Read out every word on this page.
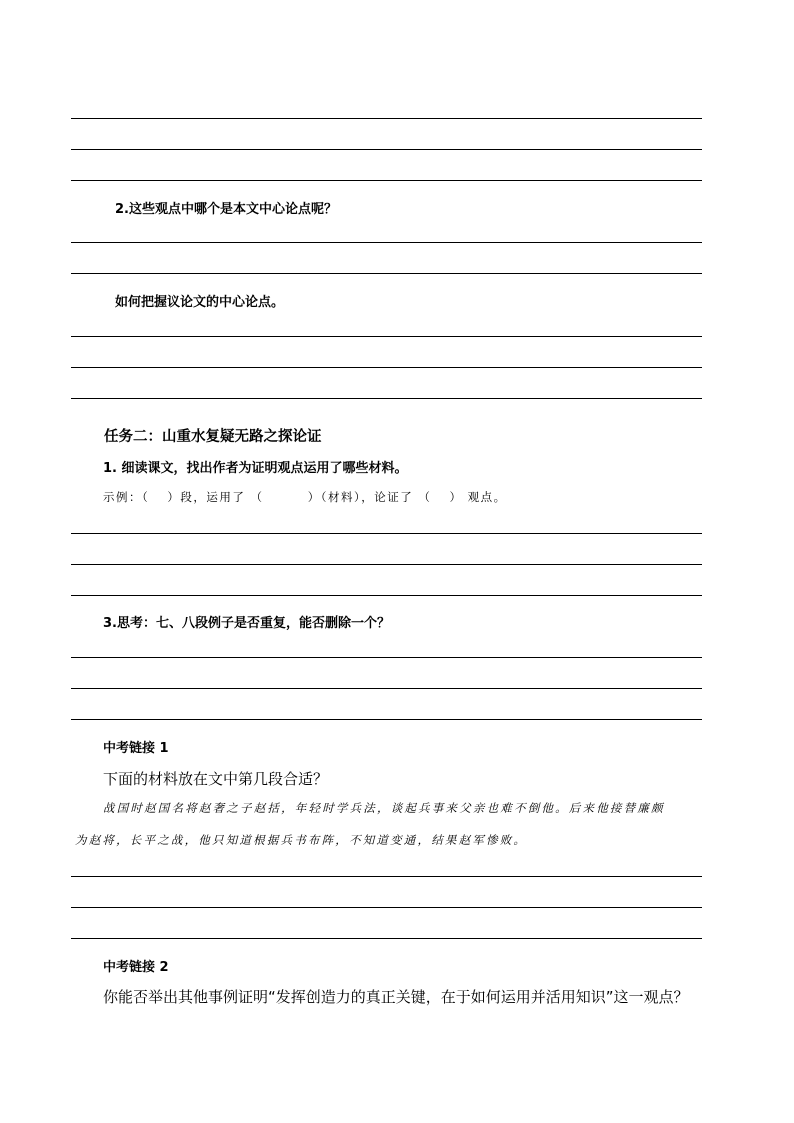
2.这些观点中哪个是本文中心论点呢？
如何把握议论文的中心论点。
任务二：山重水复疑无路之探论证
1. 细读课文，找出作者为证明观点运用了哪些材料。
示例：（　 ）段，运用了 （　　　 ）（材料），论证了 （　 ） 观点。
3.思考：七、八段例子是否重复，能否删除一个？
中考链接 1
下面的材料放在文中第几段合适？
战国时赵国名将赵奢之子赵括，年轻时学兵法，谈起兵事来父亲也难不倒他。后来他接替廉颇
为赵将，长平之战，他只知道根据兵书布阵，不知道变通，结果赵军惨败。
中考链接 2
你能否举出其他事例证明“发挥创造力的真正关键，在于如何运用并活用知识”这一观点？
